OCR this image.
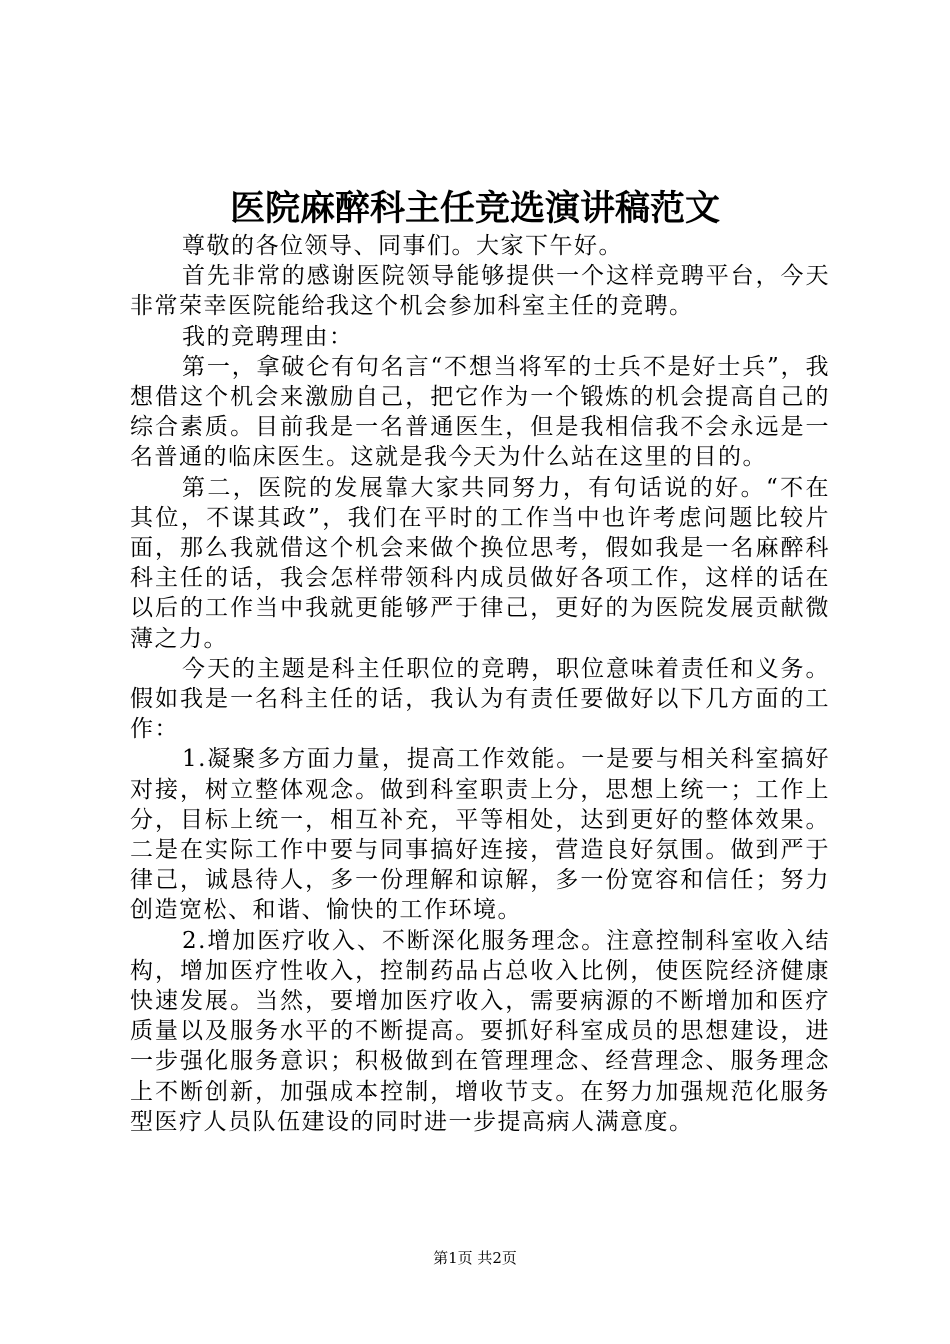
医院麻醉科主任竞选演讲稿范文

尊敬的各位领导、同事们。大家下午好。

首先非常的感谢医院领导能够提供一个这样竞聘平台，今天非常荣幸医院能给我这个机会参加科室主任的竞聘。

我的竞聘理由：

第一，拿破仑有句名言“不想当将军的士兵不是好士兵”，我想借这个机会来激励自己，把它作为一个锻炼的机会提高自己的综合素质。目前我是一名普通医生，但是我相信我不会永远是一名普通的临床医生。这就是我今天为什么站在这里的目的。

第二，医院的发展靠大家共同努力，有句话说的好。“不在其位，不谋其政”，我们在平时的工作当中也许考虑问题比较片面，那么我就借这个机会来做个换位思考，假如我是一名麻醉科科主任的话，我会怎样带领科内成员做好各项工作，这样的话在以后的工作当中我就更能够严于律己，更好的为医院发展贡献微薄之力。

今天的主题是科主任职位的竞聘，职位意味着责任和义务。假如我是一名科主任的话，我认为有责任要做好以下几方面的工作：

1.凝聚多方面力量，提高工作效能。一是要与相关科室搞好对接，树立整体观念。做到科室职责上分，思想上统一；工作上分，目标上统一，相互补充，平等相处，达到更好的整体效果。二是在实际工作中要与同事搞好连接，营造良好氛围。做到严于律己，诚恳待人，多一份理解和谅解，多一份宽容和信任；努力创造宽松、和谐、愉快的工作环境。

2.增加医疗收入、不断深化服务理念。注意控制科室收入结构，增加医疗性收入，控制药品占总收入比例，使医院经济健康快速发展。当然，要增加医疗收入，需要病源的不断增加和医疗质量以及服务水平的不断提高。要抓好科室成员的思想建设，进一步强化服务意识；积极做到在管理理念、经营理念、服务理念上不断创新，加强成本控制，增收节支。在努力加强规范化服务型医疗人员队伍建设的同时进一步提高病人满意度。

第1页 共2页
